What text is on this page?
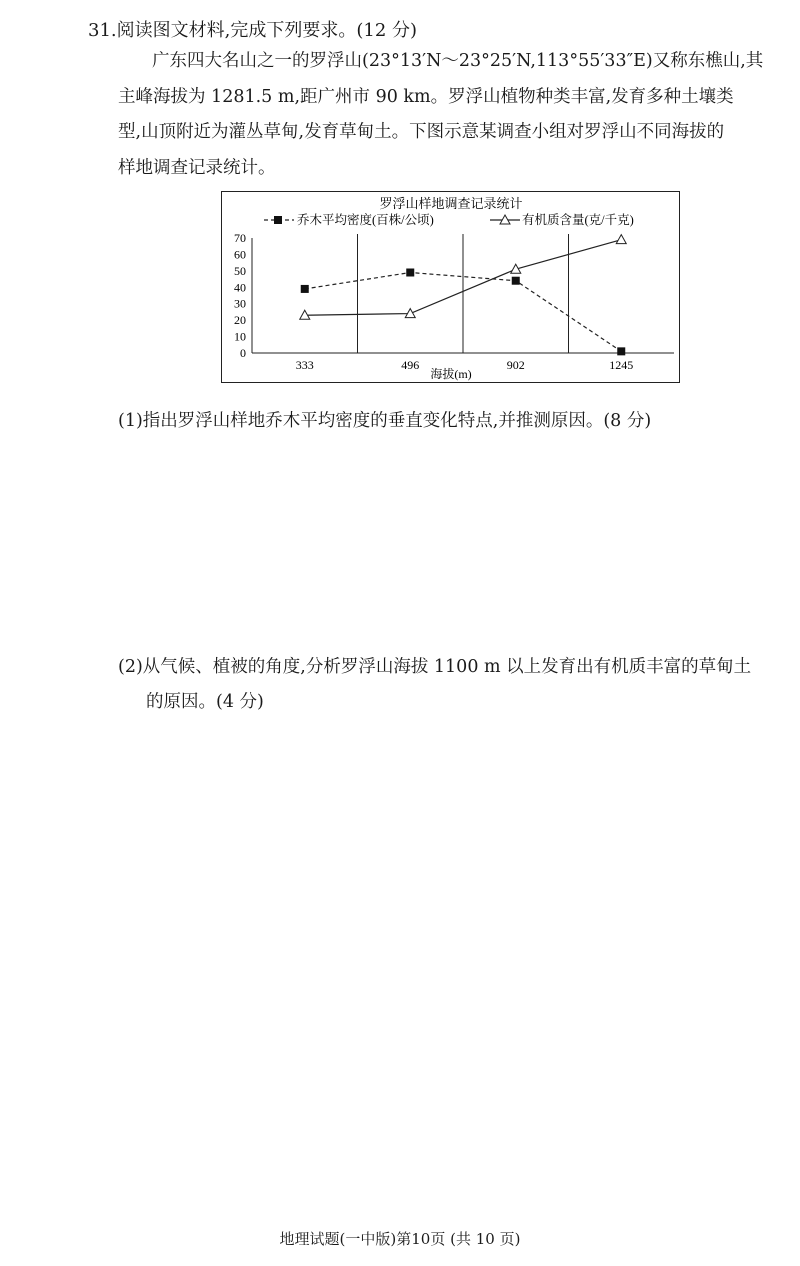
31.阅读图文材料,完成下列要求。(12 分)
广东四大名山之一的罗浮山(23°13′N～23°25′N,113°55′33″E)又称东樵山,其
主峰海拔为 1281.5 m,距广州市 90 km。罗浮山植物种类丰富,发育多种土壤类
型,山顶附近为灌丛草甸,发育草甸土。下图示意某调查小组对罗浮山不同海拔的
样地调查记录统计。
罗浮山样地调查记录统计
乔木平均密度(百株/公顷)	有机质含量(克/千克)
70
60
50
40
30
20
10
0
333	496	902	1245
海拔(m)
(1)指出罗浮山样地乔木平均密度的垂直变化特点,并推测原因。(8 分)
(2)从气候、植被的角度,分析罗浮山海拔 1100 m 以上发育出有机质丰富的草甸土
的原因。(4 分)
地理试题(一中版)第10页 (共 10 页)
